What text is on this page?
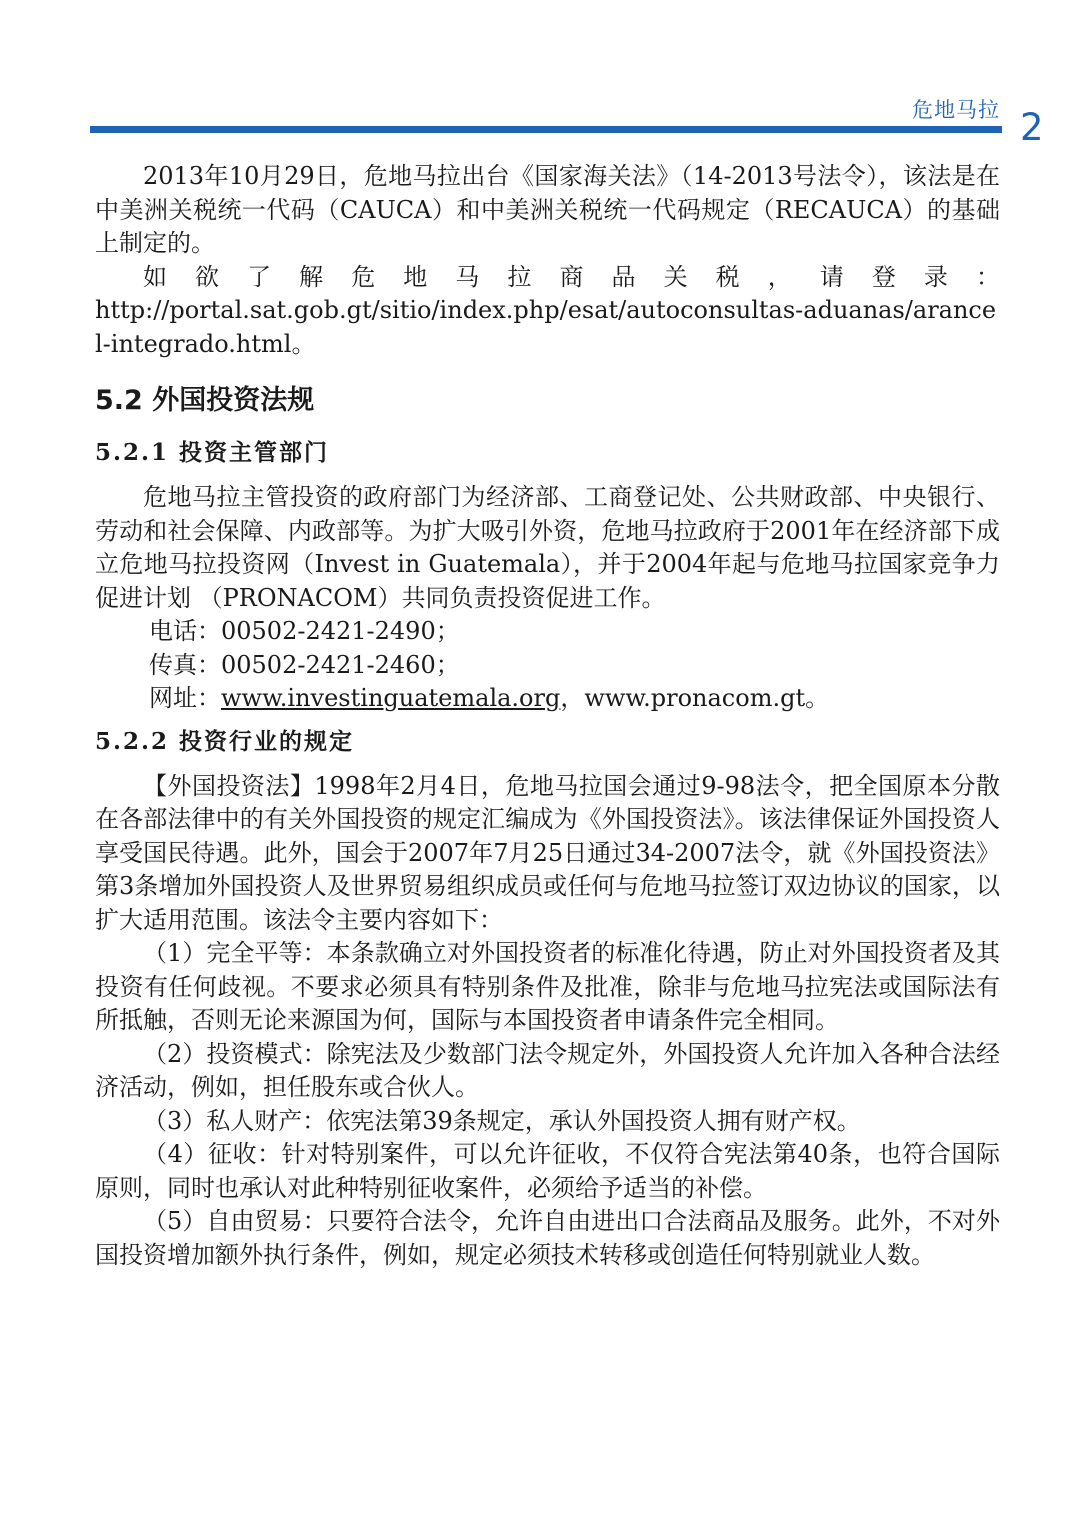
危地马拉 2

2013年10月29日，危地马拉出台《国家海关法》（14-2013号法令），该法是在中美洲关税统一代码（CAUCA）和中美洲关税统一代码规定（RECAUCA）的基础上制定的。

如欲了解危地马拉商品关税，请登录：

http://portal.sat.gob.gt/sitio/index.php/esat/autoconsultas-aduanas/arancel-integrado.html。

5.2 外国投资法规
5.2.1 投资主管部门

危地马拉主管投资的政府部门为经济部、工商登记处、公共财政部、中央银行、劳动和社会保障、内政部等。为扩大吸引外资，危地马拉政府于2001年在经济部下成立危地马拉投资网（Invest in Guatemala），并于2004年起与危地马拉国家竞争力促进计划 （PRONACOM）共同负责投资促进工作。

电话：00502-2421-2490；

传真：00502-2421-2460；

网址：www.investinguatemala.org，www.pronacom.gt。

5.2.2 投资行业的规定

【外国投资法】1998年2月4日，危地马拉国会通过9-98法令，把全国原本分散在各部法律中的有关外国投资的规定汇编成为《外国投资法》。该法律保证外国投资人享受国民待遇。此外，国会于2007年7月25日通过34-2007法令，就《外国投资法》第3条增加外国投资人及世界贸易组织成员或任何与危地马拉签订双边协议的国家，以扩大适用范围。该法令主要内容如下：

（1）完全平等：本条款确立对外国投资者的标准化待遇，防止对外国投资者及其投资有任何歧视。不要求必须具有特别条件及批准，除非与危地马拉宪法或国际法有所抵触，否则无论来源国为何，国际与本国投资者申请条件完全相同。

（2）投资模式：除宪法及少数部门法令规定外，外国投资人允许加入各种合法经济活动，例如，担任股东或合伙人。

（3）私人财产：依宪法第39条规定，承认外国投资人拥有财产权。

（4）征收：针对特别案件，可以允许征收，不仅符合宪法第40条，也符合国际原则，同时也承认对此种特别征收案件，必须给予适当的补偿。

（5）自由贸易：只要符合法令，允许自由进出口合法商品及服务。此外，不对外国投资增加额外执行条件，例如，规定必须技术转移或创造任何特别就业人数。
